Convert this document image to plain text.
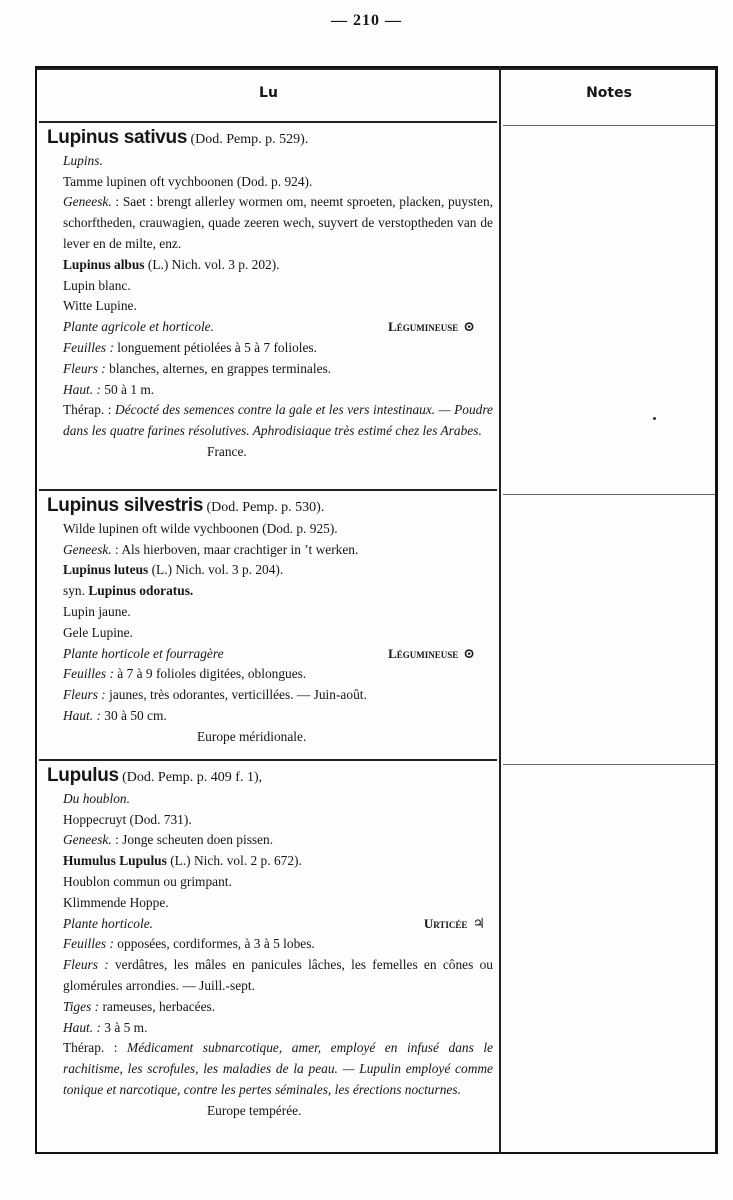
— 210 —
Lu	Notes
Lupinus sativus (Dod. Pemp. p. 529).
Lupins.
Tamme lupinen oft vychboonen (Dod. p. 924).
Geneesk. : Saet : brengt allerley wormen om, neemt sproeten, placken, puysten, schorftheden, crauwagien, quade zeeren wech, suyvert de verstoptheden van de lever en de milte, enz.
Lupinus albus (L.) Nich. vol. 3 p. 202).
Lupin blanc.
Witte Lupine.
Plante agricole et horticole.	Légumineuse ⊙
Feuilles : longuement pétiolées à 5 à 7 folioles.
Fleurs : blanches, alternes, en grappes terminales.
Haut. : 50 à 1 m.
Thérap. : Décocté des semences contre la gale et les vers intestinaux. — Poudre dans les quatre farines résolutives. Aphrodisiaque très estimé chez les Arabes.
France.
Lupinus silvestris (Dod. Pemp. p. 530).
Wilde lupinen oft wilde vychboonen (Dod. p. 925).
Geneesk. : Als hierboven, maar crachtiger in ’t werken.
Lupinus luteus (L.) Nich. vol. 3 p. 204).
syn. Lupinus odoratus.
Lupin jaune.
Gele Lupine.
Plante horticole et fourragère	Légumineuse ⊙
Feuilles : à 7 à 9 folioles digitées, oblongues.
Fleurs : jaunes, très odorantes, verticillées. — Juin-août.
Haut. : 30 à 50 cm.
Europe méridionale.
Lupulus (Dod. Pemp. p. 409 f. 1),
Du houblon.
Hoppecruyt (Dod. 731).
Geneesk. : Jonge scheuten doen pissen.
Humulus Lupulus (L.) Nich. vol. 2 p. 672).
Houblon commun ou grimpant.
Klimmende Hoppe.
Plante horticole.	Urticée ♃
Feuilles : opposées, cordiformes, à 3 à 5 lobes.
Fleurs : verdâtres, les mâles en panicules lâches, les femelles en cônes ou glomérules arrondies. — Juill.-sept.
Tiges : rameuses, herbacées.
Haut. : 3 à 5 m.
Thérap. : Médicament subnarcotique, amer, employé en infusé dans le rachitisme, les scrofules, les maladies de la peau. — Lupulin employé comme tonique et narcotique, contre les pertes séminales, les érections nocturnes.
Europe tempérée.
